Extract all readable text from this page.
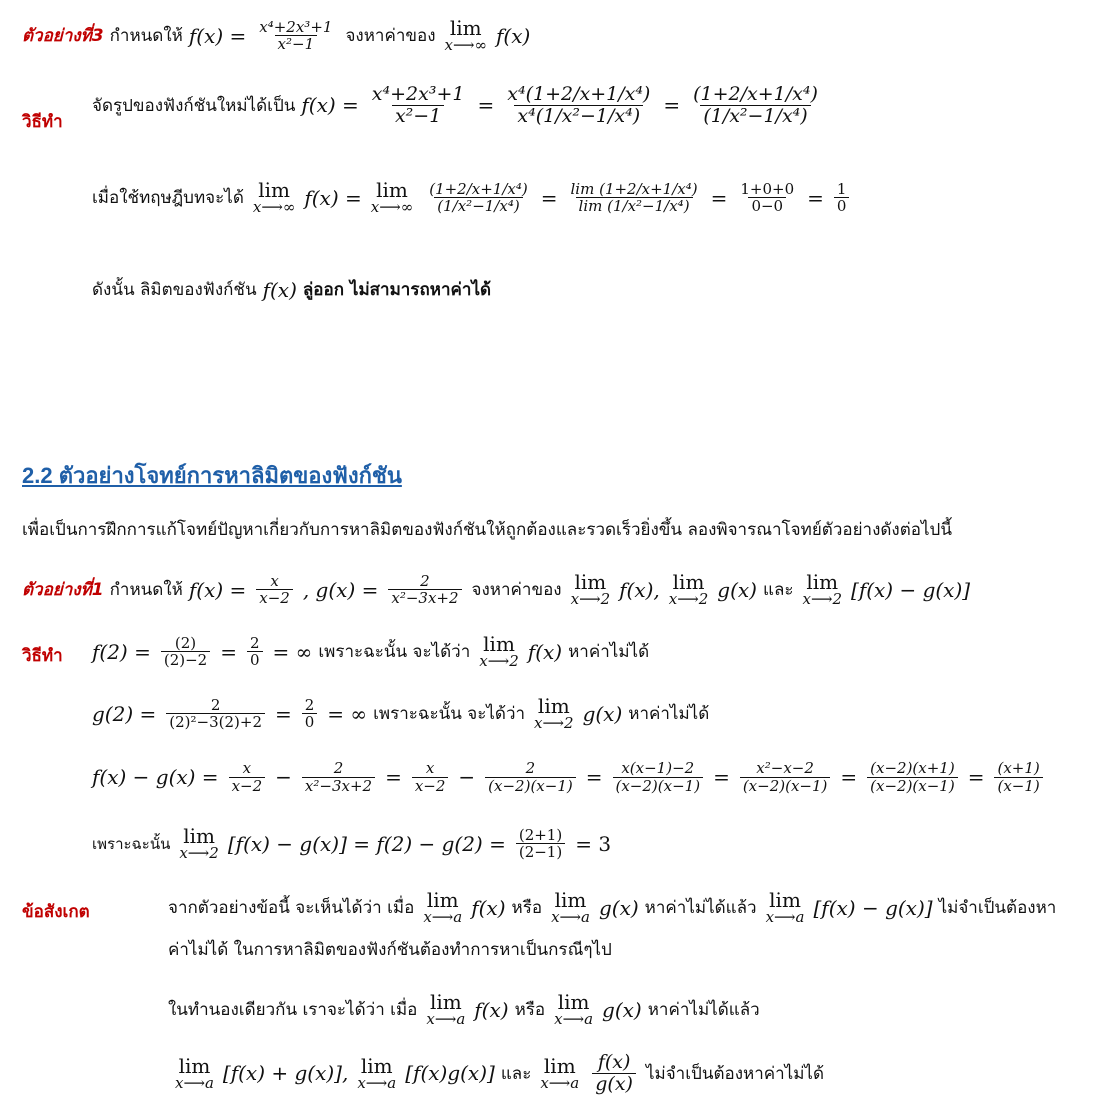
ตัวอย่างที่3 กำหนดให้ $f(x) = \frac{\text{x⁴+2x³+1}}{\text{x²−1}}$ จงหาค่าของ lim
x⟶∞ f(x)
วิธีทำ
จัดรูปของฟังก์ชันใหม่ได้เป็น $f(x) = \frac{\text{x⁴+2x³+1}}{\text{x²−1}} = \frac{\text{x⁴(1+2/x+1/x⁴)}}{\text{x⁴(1/x²−1/x⁴)}} = \frac{\text{(1+2/x+1/x⁴)}}{\text{(1/x²−1/x⁴)}}$
เมื่อใช้ทฤษฎีบทจะได้ lim
x⟶∞ f(x) = lim
x⟶∞ $\frac{\text{(1+2/x+1/x⁴)}}{\text{(1/x²−1/x⁴)}} = \frac{\text{lim (1+2/x+1/x⁴)}}{\text{lim (1/x²−1/x⁴)}} = \frac{1+0+0}{0-0} = \frac{1}{0}$
ดังนั้น ลิมิตของฟังก์ชัน f(x) ลู่ออก ไม่สามารถหาค่าได้
2.2 ตัวอย่างโจทย์การหาลิมิตของฟังก์ชัน
เพื่อเป็นการฝึกการแก้โจทย์ปัญหาเกี่ยวกับการหาลิมิตของฟังก์ชันให้ถูกต้องและรวดเร็วยิ่งขึ้น ลองพิจารณาโจทย์ตัวอย่างดังต่อไปนี้
ตัวอย่างที่1 กำหนดให้ $f(x) = \frac{x}{x-2}$ , $g(x) = \frac{2}{\text{x²−3x+2}}$ จงหาค่าของ lim
x⟶2 f(x), lim
x⟶2 g(x) และ lim
x⟶2 [f(x) − g(x)]
วิธีทำ $f(2) = \frac{(2)}{(2)-2} = \frac{2}{0}$ = ∞ เพราะฉะนั้น จะได้ว่า lim
x⟶2 f(x) หาค่าไม่ได้
$g(2) = \frac{2}{\text{(2)²−3(2)+2}} = \frac{2}{0}$ = ∞ เพราะฉะนั้น จะได้ว่า lim
x⟶2 g(x) หาค่าไม่ได้
$f(x) - g(x) = \frac{x}{x-2} - \frac{2}{\text{x²−3x+2}} = \frac{x}{x-2} - \frac{2}{(x-2)(x-1)} = \frac{x(x-1)-2}{(x-2)(x-1)} = \frac{\text{x²−x−2}}{(x-2)(x-1)} = \frac{(x-2)(x+1)}{(x-2)(x-1)} = \frac{(x+1)}{(x-1)}$
เพราะฉะนั้น lim
x⟶2 $[f(x) - g(x)] = f(2) - g(2) = \frac{(2+1)}{(2-1)} = 3$
ข้อสังเกต	จากตัวอย่างข้อนี้ จะเห็นได้ว่า เมื่อ lim
x⟶a f(x) หรือ lim
x⟶a g(x) หาค่าไม่ได้แล้ว lim
x⟶a [f(x) − g(x)] ไม่จำเป็นต้องหา
ค่าไม่ได้ ในการหาลิมิตของฟังก์ชันต้องทำการหาเป็นกรณีๆไป
ในทำนองเดียวกัน เราจะได้ว่า เมื่อ lim
x⟶a f(x) หรือ lim
x⟶a g(x) หาค่าไม่ได้แล้ว
lim
x⟶a [f(x) + g(x)], lim
x⟶a [f(x)g(x)] และ lim
x⟶a $\frac{f(x)}{g(x)}$ ไม่จำเป็นต้องหาค่าไม่ได้
